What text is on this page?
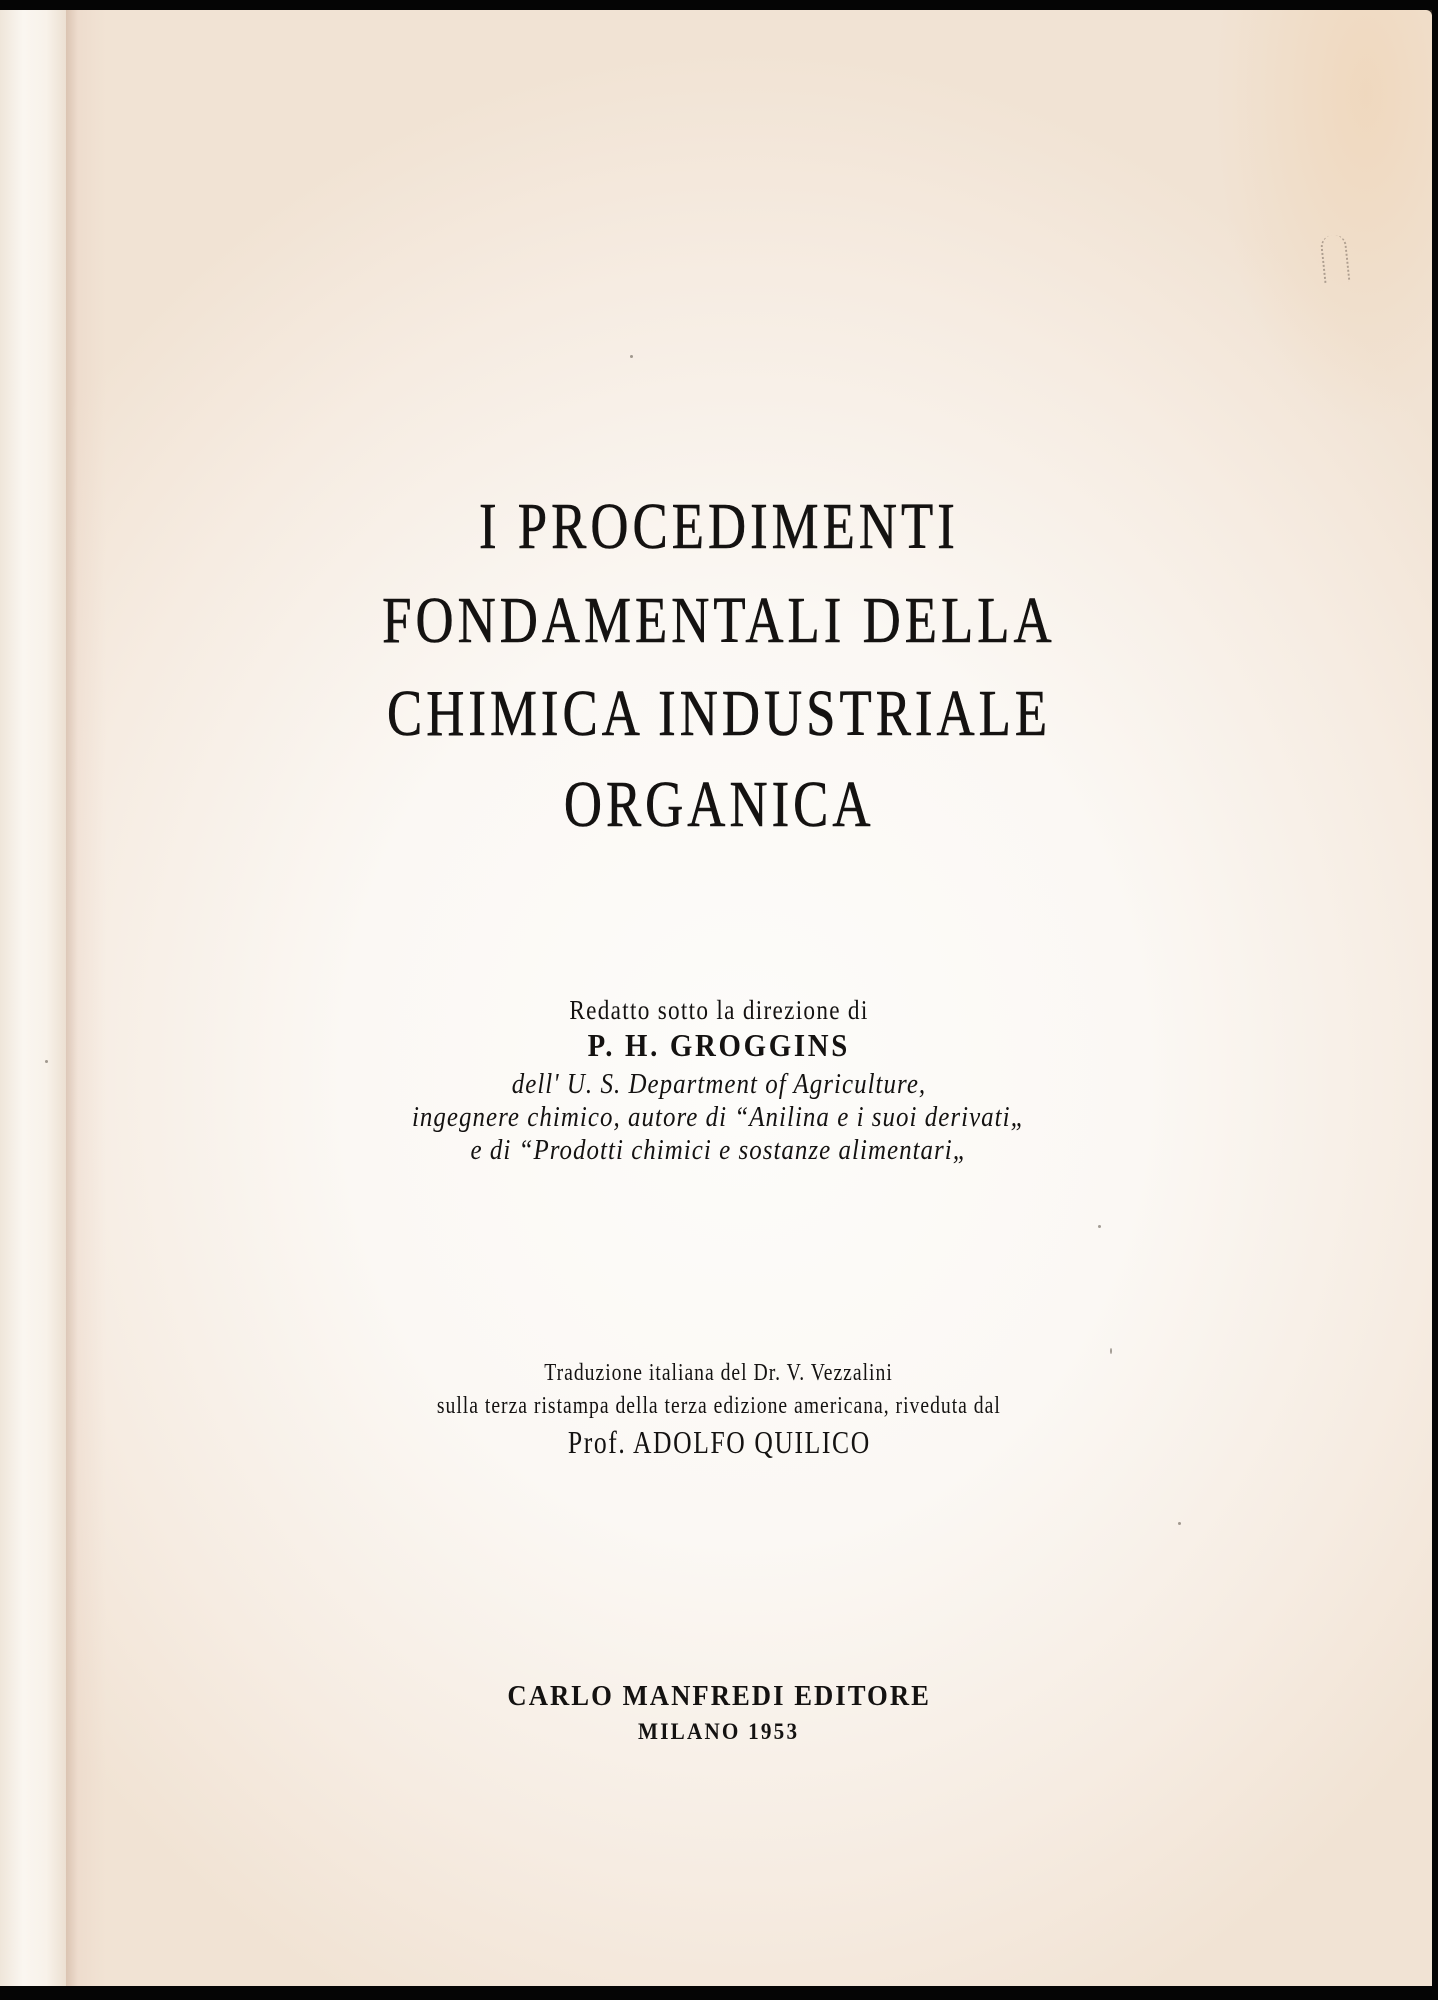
I PROCEDIMENTI
FONDAMENTALI DELLA
CHIMICA INDUSTRIALE
ORGANICA
Redatto sotto la direzione di
P. H. GROGGINS
dell' U. S. Department of Agriculture,
ingegnere chimico, autore di “Anilina e i suoi derivati„
e di “Prodotti chimici e sostanze alimentari„
Traduzione italiana del Dr. V. Vezzalini
sulla terza ristampa della terza edizione americana, riveduta dal
Prof. ADOLFO QUILICO
CARLO MANFREDI EDITORE
MILANO 1953
